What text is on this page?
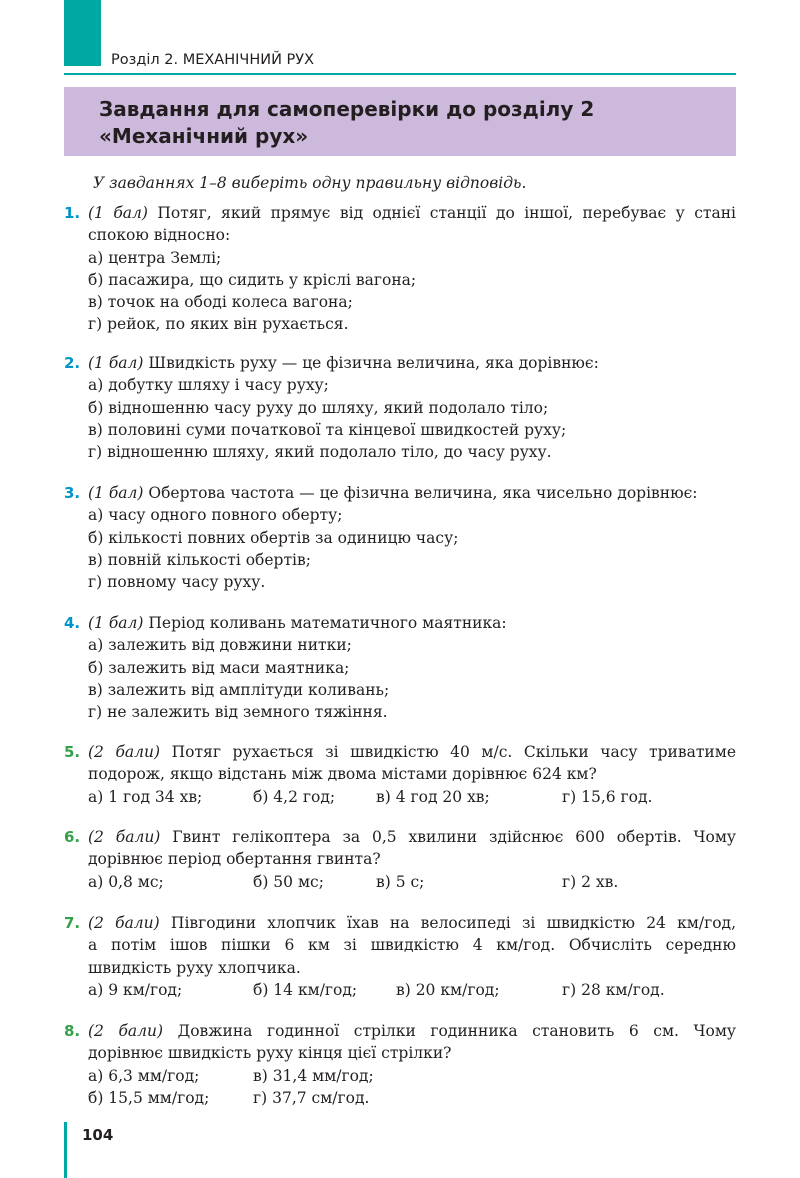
Розділ 2. МЕХАНІЧНИЙ РУХ
Завдання для самоперевірки до розділу 2
«Механічний рух»
У завданнях 1–8 виберіть одну правильну відповідь.
1. (1 бал) Потяг, який прямує від однієї станції до іншої, перебуває у стані
спокою відносно:
а) центра Землі;
б) пасажира, що сидить у кріслі вагона;
в) точок на ободі колеса вагона;
г) рейок, по яких він рухається.
2. (1 бал) Швидкість руху — це фізична величина, яка дорівнює:
а) добутку шляху і часу руху;
б) відношенню часу руху до шляху, який подолало тіло;
в) половині суми початкової та кінцевої швидкостей руху;
г) відношенню шляху, який подолало тіло, до часу руху.
3. (1 бал) Обертова частота — це фізична величина, яка чисельно дорівнює:
а) часу одного повного оберту;
б) кількості повних обертів за одиницю часу;
в) повній кількості обертів;
г) повному часу руху.
4. (1 бал) Період коливань математичного маятника:
а) залежить від довжини нитки;
б) залежить від маси маятника;
в) залежить від амплітуди коливань;
г) не залежить від земного тяжіння.
5. (2 бали) Потяг рухається зі швидкістю 40 м/с. Скільки часу триватиме
подорож, якщо відстань між двома містами дорівнює 624 км?
а) 1 год 34 хв;	б) 4,2 год;	в) 4 год 20 хв;	г) 15,6 год.
6. (2 бали) Гвинт гелікоптера за 0,5 хвилини здійснює 600 обертів. Чому
дорівнює період обертання гвинта?
а) 0,8 мс;	б) 50 мс;	в) 5 с;	г) 2 хв.
7. (2 бали) Півгодини хлопчик їхав на велосипеді зі швидкістю 24 км/год,
а потім ішов пішки 6 км зі швидкістю 4 км/год. Обчисліть середню
швидкість руху хлопчика.
а) 9 км/год;	б) 14 км/год;	в) 20 км/год;	г) 28 км/год.
8. (2 бали) Довжина годинної стрілки годинника становить 6 см. Чому
дорівнює швидкість руху кінця цієї стрілки?
а) 6,3 мм/год;	в) 31,4 мм/год;
б) 15,5 мм/год;	г) 37,7 см/год.
104
